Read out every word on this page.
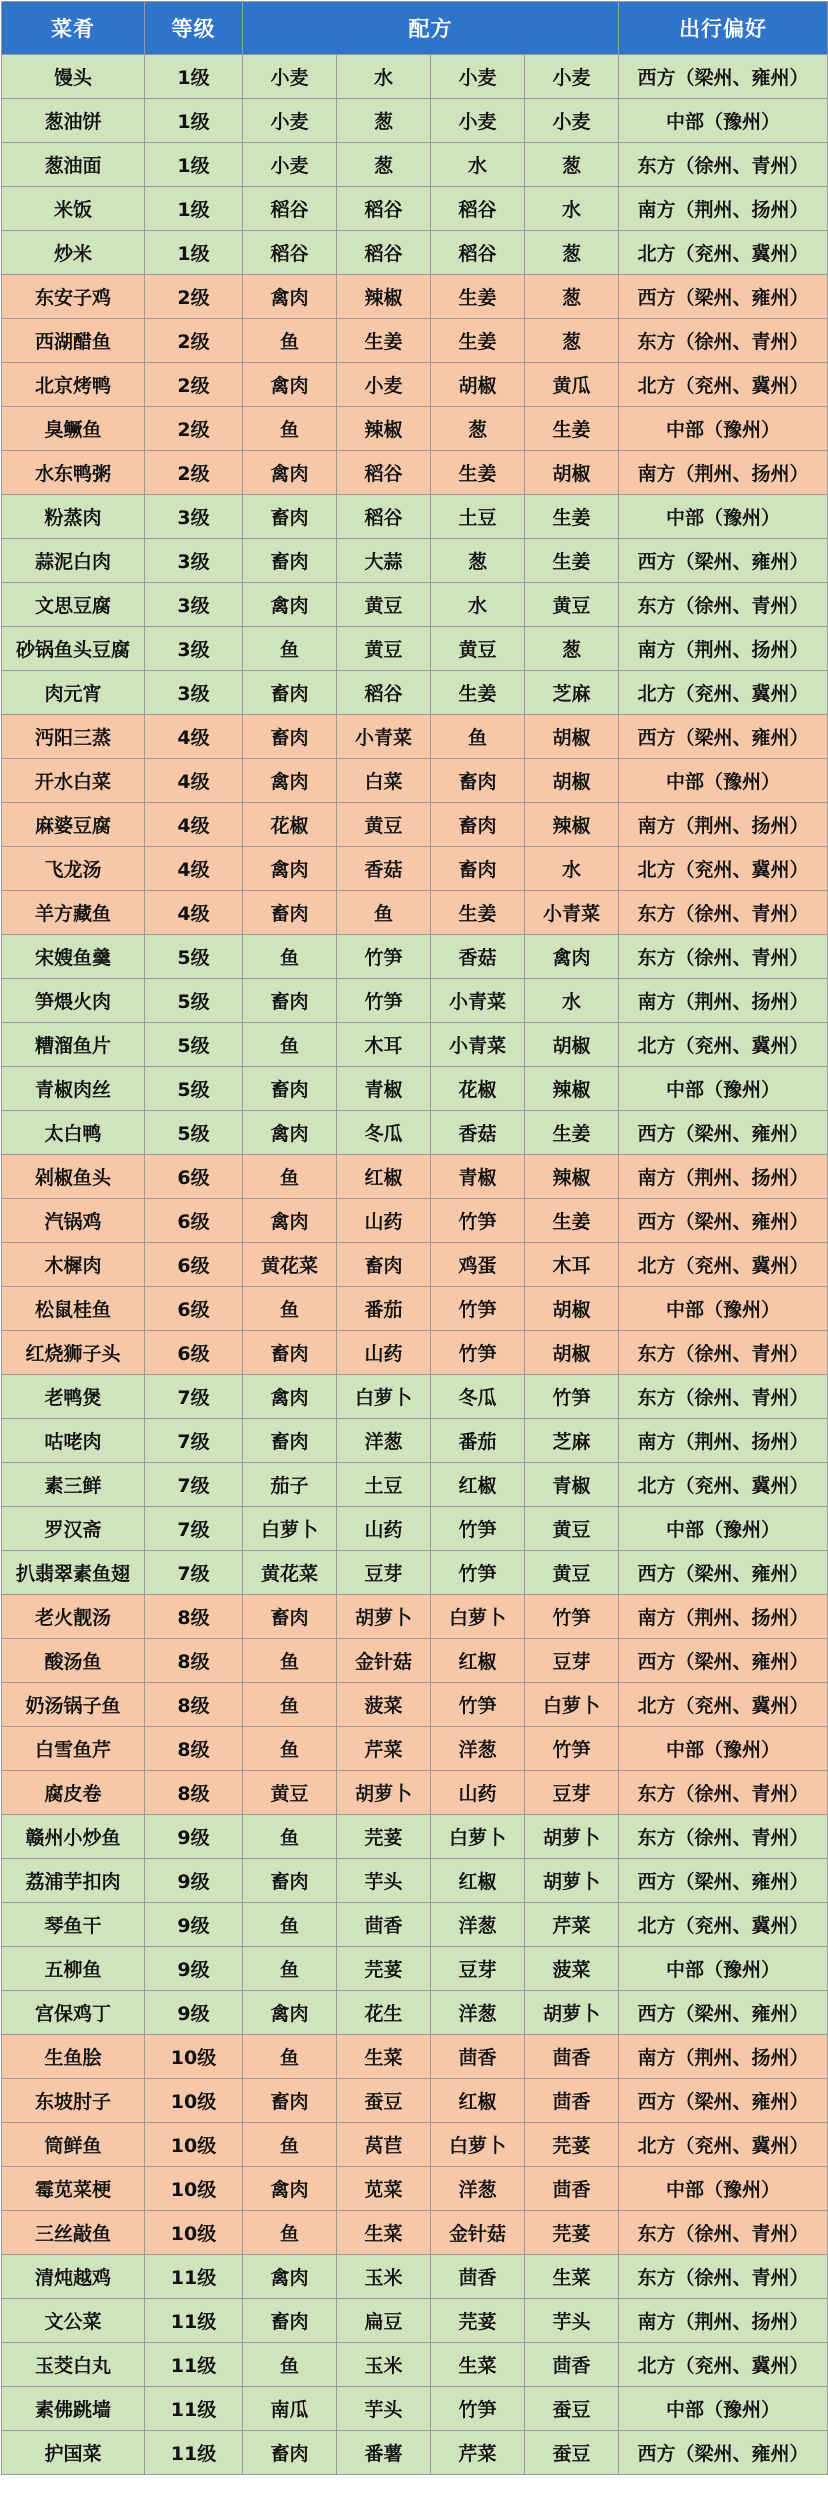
菜肴	等级	配方				出行偏好
馒头	1级	小麦	水	小麦	小麦	西方（梁州、雍州）
葱油饼	1级	小麦	葱	小麦	小麦	中部（豫州）
葱油面	1级	小麦	葱	水	葱	东方（徐州、青州）
米饭	1级	稻谷	稻谷	稻谷	水	南方（荆州、扬州）
炒米	1级	稻谷	稻谷	稻谷	葱	北方（兖州、冀州）
东安子鸡	2级	禽肉	辣椒	生姜	葱	西方（梁州、雍州）
西湖醋鱼	2级	鱼	生姜	生姜	葱	东方（徐州、青州）
北京烤鸭	2级	禽肉	小麦	胡椒	黄瓜	北方（兖州、冀州）
臭鳜鱼	2级	鱼	辣椒	葱	生姜	中部（豫州）
水东鸭粥	2级	禽肉	稻谷	生姜	胡椒	南方（荆州、扬州）
粉蒸肉	3级	畜肉	稻谷	土豆	生姜	中部（豫州）
蒜泥白肉	3级	畜肉	大蒜	葱	生姜	西方（梁州、雍州）
文思豆腐	3级	禽肉	黄豆	水	黄豆	东方（徐州、青州）
砂锅鱼头豆腐	3级	鱼	黄豆	黄豆	葱	南方（荆州、扬州）
肉元宵	3级	畜肉	稻谷	生姜	芝麻	北方（兖州、冀州）
沔阳三蒸	4级	畜肉	小青菜	鱼	胡椒	西方（梁州、雍州）
开水白菜	4级	禽肉	白菜	畜肉	胡椒	中部（豫州）
麻婆豆腐	4级	花椒	黄豆	畜肉	辣椒	南方（荆州、扬州）
飞龙汤	4级	禽肉	香菇	畜肉	水	北方（兖州、冀州）
羊方藏鱼	4级	畜肉	鱼	生姜	小青菜	东方（徐州、青州）
宋嫂鱼羹	5级	鱼	竹笋	香菇	禽肉	东方（徐州、青州）
笋煨火肉	5级	畜肉	竹笋	小青菜	水	南方（荆州、扬州）
糟溜鱼片	5级	鱼	木耳	小青菜	胡椒	北方（兖州、冀州）
青椒肉丝	5级	畜肉	青椒	花椒	辣椒	中部（豫州）
太白鸭	5级	禽肉	冬瓜	香菇	生姜	西方（梁州、雍州）
剁椒鱼头	6级	鱼	红椒	青椒	辣椒	南方（荆州、扬州）
汽锅鸡	6级	禽肉	山药	竹笋	生姜	西方（梁州、雍州）
木樨肉	6级	黄花菜	畜肉	鸡蛋	木耳	北方（兖州、冀州）
松鼠桂鱼	6级	鱼	番茄	竹笋	胡椒	中部（豫州）
红烧狮子头	6级	畜肉	山药	竹笋	胡椒	东方（徐州、青州）
老鸭煲	7级	禽肉	白萝卜	冬瓜	竹笋	东方（徐州、青州）
咕咾肉	7级	畜肉	洋葱	番茄	芝麻	南方（荆州、扬州）
素三鲜	7级	茄子	土豆	红椒	青椒	北方（兖州、冀州）
罗汉斋	7级	白萝卜	山药	竹笋	黄豆	中部（豫州）
扒翡翠素鱼翅	7级	黄花菜	豆芽	竹笋	黄豆	西方（梁州、雍州）
老火靓汤	8级	畜肉	胡萝卜	白萝卜	竹笋	南方（荆州、扬州）
酸汤鱼	8级	鱼	金针菇	红椒	豆芽	西方（梁州、雍州）
奶汤锅子鱼	8级	鱼	菠菜	竹笋	白萝卜	北方（兖州、冀州）
白雪鱼芹	8级	鱼	芹菜	洋葱	竹笋	中部（豫州）
腐皮卷	8级	黄豆	胡萝卜	山药	豆芽	东方（徐州、青州）
赣州小炒鱼	9级	鱼	芫荽	白萝卜	胡萝卜	东方（徐州、青州）
荔浦芋扣肉	9级	畜肉	芋头	红椒	胡萝卜	西方（梁州、雍州）
琴鱼干	9级	鱼	茴香	洋葱	芹菜	北方（兖州、冀州）
五柳鱼	9级	鱼	芫荽	豆芽	菠菜	中部（豫州）
宫保鸡丁	9级	禽肉	花生	洋葱	胡萝卜	西方（梁州、雍州）
生鱼脍	10级	鱼	生菜	茴香	茴香	南方（荆州、扬州）
东坡肘子	10级	畜肉	蚕豆	红椒	茴香	西方（梁州、雍州）
筒鲜鱼	10级	鱼	莴苣	白萝卜	芫荽	北方（兖州、冀州）
霉苋菜梗	10级	禽肉	苋菜	洋葱	茴香	中部（豫州）
三丝敲鱼	10级	鱼	生菜	金针菇	芫荽	东方（徐州、青州）
清炖越鸡	11级	禽肉	玉米	茴香	生菜	东方（徐州、青州）
文公菜	11级	畜肉	扁豆	芫荽	芋头	南方（荆州、扬州）
玉茭白丸	11级	鱼	玉米	生菜	茴香	北方（兖州、冀州）
素佛跳墙	11级	南瓜	芋头	竹笋	蚕豆	中部（豫州）
护国菜	11级	畜肉	番薯	芹菜	蚕豆	西方（梁州、雍州）
